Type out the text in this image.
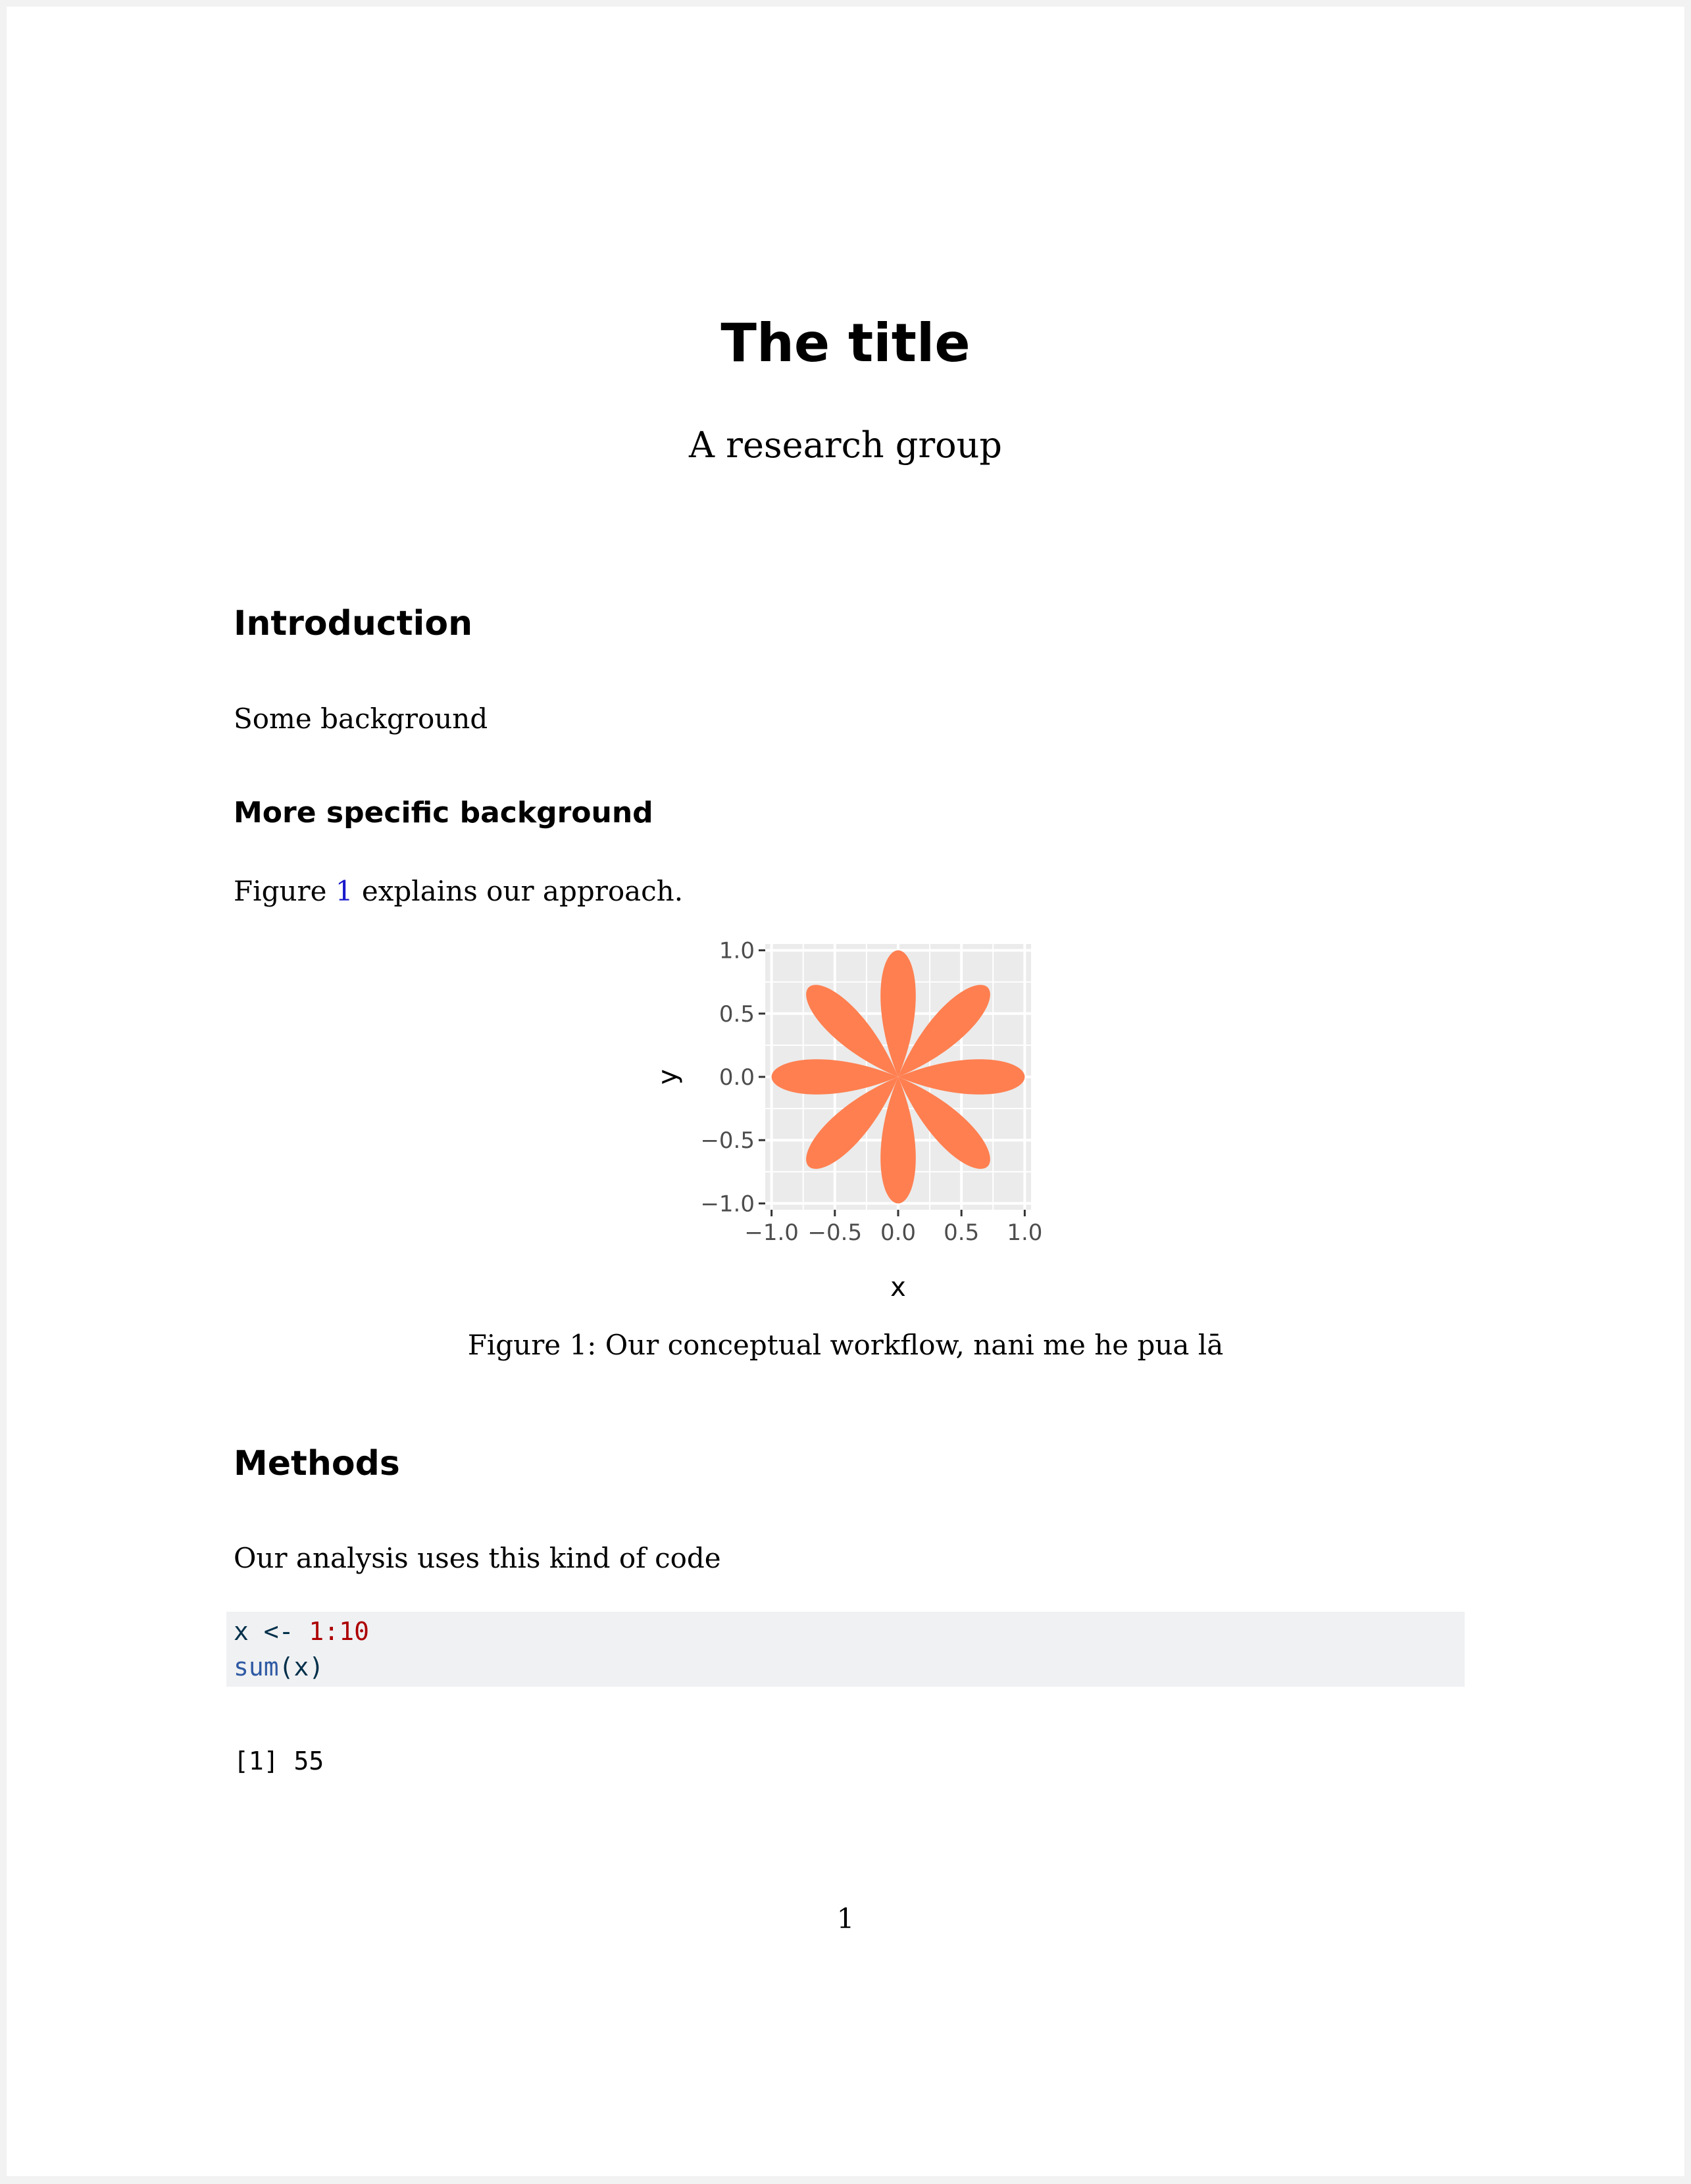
The title
A research group
Introduction
Some background
More specific background
Figure 1 explains our approach.
−1.0 −0.5 0.0 0.5 1.0
1.0
0.5
0.0
−0.5
−1.0
x
y
Figure 1: Our conceptual workflow, nani me he pua lā
Methods
Our analysis uses this kind of code
x <- 1:10
sum(x)
[1] 55
1
